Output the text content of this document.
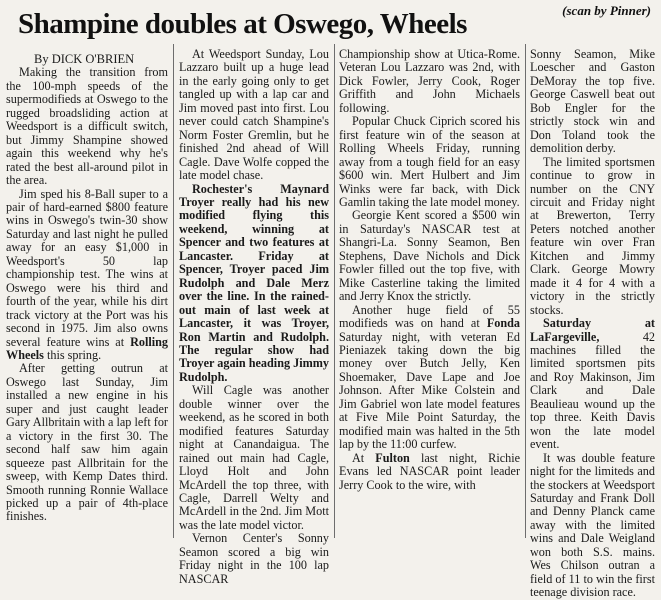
(scan by Pinner)
Shampine doubles at Oswego, Wheels

By DICK O'BRIEN

Making the transition from the 100-mph speeds of the supermodifieds at Oswego to the rugged broadsliding action at Weedsport is a difficult switch, but Jimmy Shampine showed again this weekend why he's rated the best all-around pilot in the area.

Jim sped his 8-Ball super to a pair of hard-earned $800 feature wins in Oswego's twin-30 show Saturday and last night he pulled away for an easy $1,000 in Weedsport's 50 lap championship test. The wins at Oswego were his third and fourth of the year, while his dirt track victory at the Port was his second in 1975. Jim also owns several feature wins at Rolling Wheels this spring.

After getting outrun at Oswego last Sunday, Jim installed a new engine in his super and just caught leader Gary Allbritain with a lap left for a victory in the first 30. The second half saw him again squeeze past Allbritain for the sweep, with Kemp Dates third. Smooth running Ronnie Wallace picked up a pair of 4th-place finishes.

At Weedsport Sunday, Lou Lazzaro built up a huge lead in the early going only to get tangled up with a lap car and Jim moved past into first. Lou never could catch Shampine's Norm Foster Gremlin, but he finished 2nd ahead of Will Cagle. Dave Wolfe copped the late model chase.

Rochester's Maynard Troyer really had his new modified flying this weekend, winning at Spencer and two features at Lancaster. Friday at Spencer, Troyer paced Jim Rudolph and Dale Merz over the line. In the rained-out main of last week at Lancaster, it was Troyer, Ron Martin and Rudolph. The regular show had Troyer again heading Jimmy Rudolph.

Will Cagle was another double winner over the weekend, as he scored in both modified features Saturday night at Canandaigua. The rained out main had Cagle, Lloyd Holt and John McArdell the top three, with Cagle, Darrell Welty and McArdell in the 2nd. Jim Mott was the late model victor.

Vernon Center's Sonny Seamon scored a big win Friday night in the 100 lap NASCAR

Championship show at Utica-Rome. Veteran Lou Lazzaro was 2nd, with Dick Fowler, Jerry Cook, Roger Griffith and John Michaels following.

Popular Chuck Ciprich scored his first feature win of the season at Rolling Wheels Friday, running away from a tough field for an easy $600 win. Mert Hulbert and Jim Winks were far back, with Dick Gamlin taking the late model money.

Georgie Kent scored a $500 win in Saturday's NASCAR test at Shangri-La. Sonny Seamon, Ben Stephens, Dave Nichols and Dick Fowler filled out the top five, with Mike Casterline taking the limited and Jerry Knox the strictly.

Another huge field of 55 modifieds was on hand at Fonda Saturday night, with veteran Ed Pieniazek taking down the big money over Butch Jelly, Ken Shoemaker, Dave Lape and Joe Johnson. After Mike Colstein and Jim Gabriel won late model features at Five Mile Point Saturday, the modified main was halted in the 5th lap by the 11:00 curfew.

At Fulton last night, Richie Evans led NASCAR point leader Jerry Cook to the wire, with

Sonny Seamon, Mike Loescher and Gaston DeMoray the top five. George Caswell beat out Bob Engler for the strictly stock win and Don Toland took the demolition derby.

The limited sportsmen continue to grow in number on the CNY circuit and Friday night at Brewerton, Terry Peters notched another feature win over Fran Kitchen and Jimmy Clark. George Mowry made it 4 for 4 with a victory in the strictly stocks.

Saturday at LaFargeville, 42 machines filled the limited sportsmen pits and Roy Makinson, Jim Clark and Dale Beaulieau wound up the top three. Keith Davis won the late model event.

It was double feature night for the limiteds and the stockers at Weedsport Saturday and Frank Doll and Denny Planck came away with the limited wins and Dale Weigland won both S.S. mains. Wes Chilson outran a field of 11 to win the first teenage division race.
